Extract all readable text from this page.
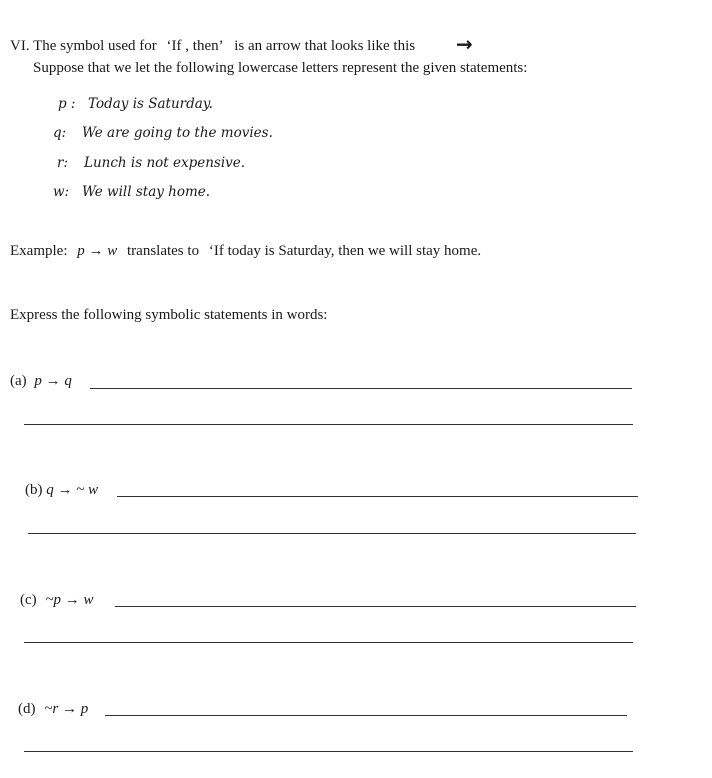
VI. The symbol used for ‘If , then’ is an arrow that looks like this →
Suppose that we let the following lowercase letters represent the given statements:
p : Today is Saturday.
q: We are going to the movies.
r: Lunch is not expensive.
w: We will stay home.
Example: p → w translates to ‘If today is Saturday, then we will stay home.
Express the following symbolic statements in words:
(a) p → q
(b) q → ~ w
(c) ~p → w
(d) ~r → p
